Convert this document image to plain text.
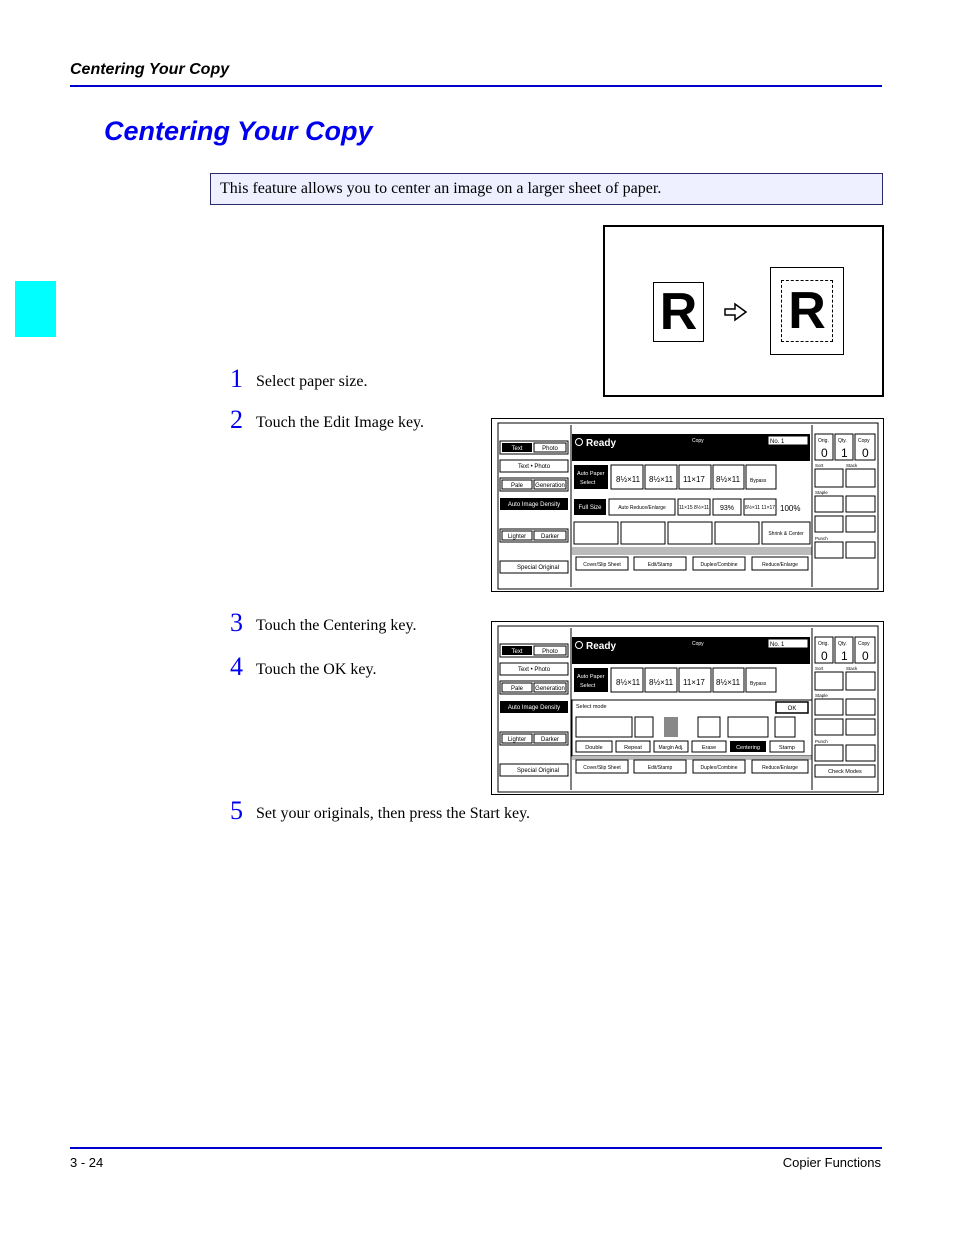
Centering Your Copy
Centering Your Copy
This feature allows you to center an image on a larger sheet of paper.
R R
1 Select paper size.
2 Touch the Edit Image key.
3 Touch the Centering key.
4 Touch the OK key.
5 Set your originals, then press the Start key.
Text	Photo
Text • Photo
Pale Generation
Auto Image Density
Lighter Darker
Special Original
Ready	Copy	No. 1
Auto Paper
Select	8½×11 8½×11 11×17 8½×11 Bypass
Full Size	Auto Reduce/Enlarge	11×15 8½×11 93% 8½×11 11×17 100%
Shrink & Center
Cover/Slip Sheet	Edit/Stamp	Duplex/Combine	Reduce/Enlarge
Orig.
0
Qty.
1
Copy
0
Sort	Stack
Staple
Punch
Text	Photo
Text • Photo
Pale Generation
Auto Image Density
Lighter Darker
Special Original
Ready	Copy	No. 1
Auto Paper
Select	8½×11 8½×11 11×17 8½×11 Bypass
Select mode	OK
Double	Repeat	Margin Adj.	Erase	Centering	Stamp
Cover/Slip Sheet	Edit/Stamp	Duplex/Combine	Reduce/Enlarge
Orig.
0
Qty.
1
Copy
0
Sort	Stack
Staple
Punch
Check Modes
3 - 24	Copier Functions
